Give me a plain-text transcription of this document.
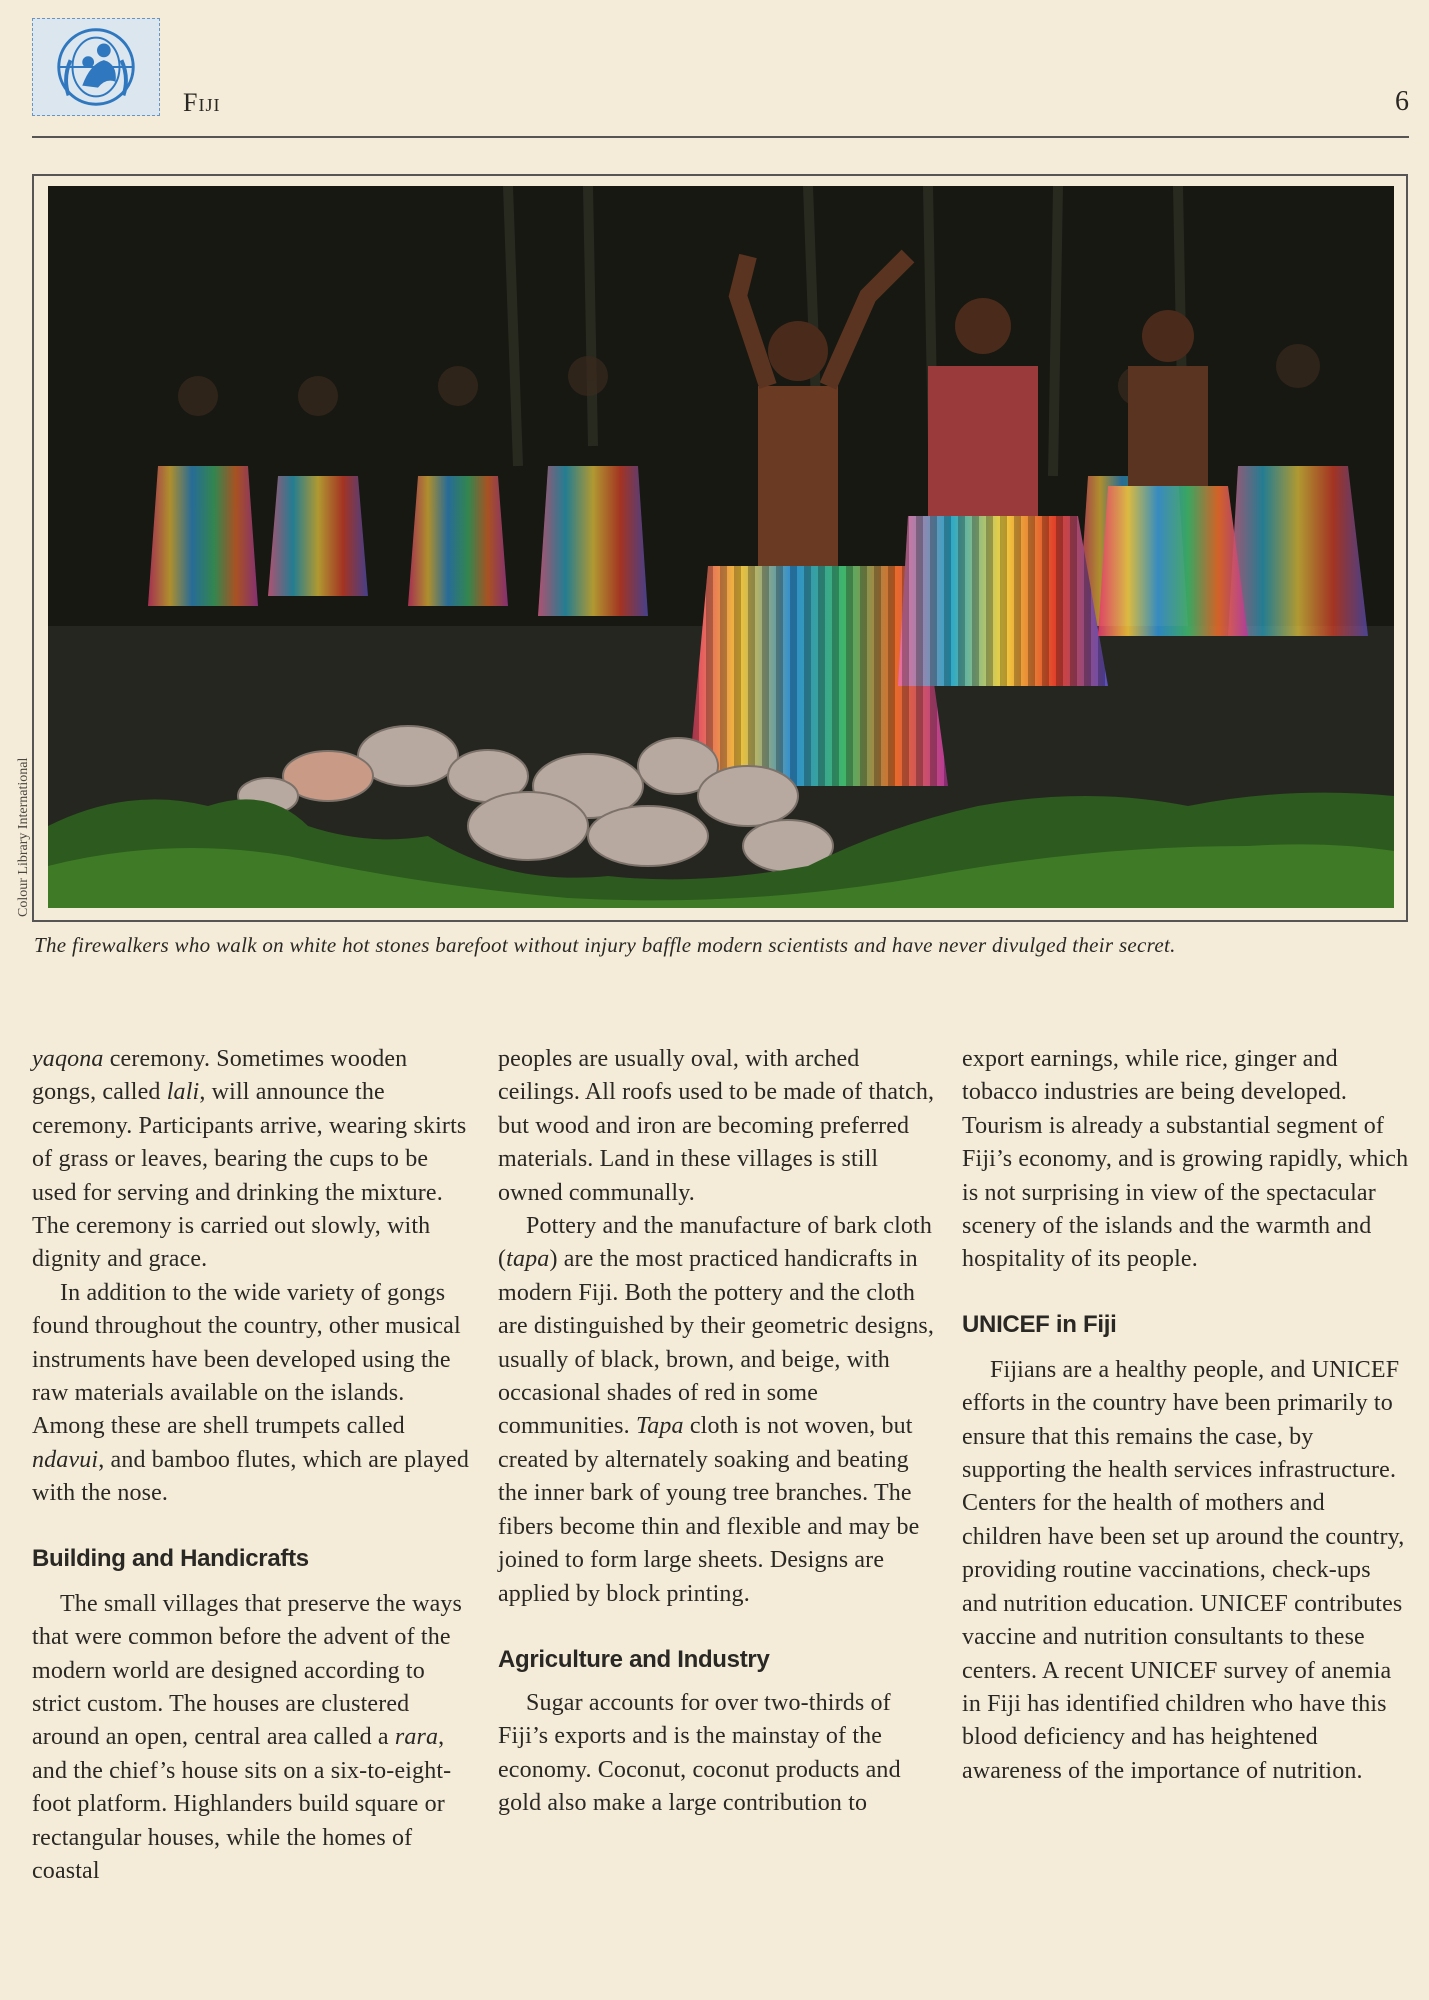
Fiji	6
Colour Library International
The firewalkers who walk on white hot stones barefoot without injury baffle modern scientists and have never divulged their secret.

yaqona ceremony. Sometimes wooden gongs, called lali, will announce the ceremony. Participants arrive, wearing skirts of grass or leaves, bearing the cups to be used for serving and drinking the mixture. The ceremony is carried out slowly, with dignity and grace.

In addition to the wide variety of gongs found throughout the country, other musical instruments have been developed using the raw materials available on the islands. Among these are shell trumpets called ndavui, and bamboo flutes, which are played with the nose.

Building and Handicrafts

The small villages that preserve the ways that were common before the advent of the modern world are designed according to strict custom. The houses are clustered around an open, central area called a rara, and the chief’s house sits on a six-to-eight-foot platform. Highlanders build square or rectangular houses, while the homes of coastal

peoples are usually oval, with arched ceilings. All roofs used to be made of thatch, but wood and iron are becoming preferred materials. Land in these villages is still owned communally.

Pottery and the manufacture of bark cloth (tapa) are the most practiced handicrafts in modern Fiji. Both the pottery and the cloth are distinguished by their geometric designs, usually of black, brown, and beige, with occasional shades of red in some communities. Tapa cloth is not woven, but created by alternately soaking and beating the inner bark of young tree branches. The fibers become thin and flexible and may be joined to form large sheets. Designs are applied by block printing.

Agriculture and Industry

Sugar accounts for over two-thirds of Fiji’s exports and is the mainstay of the economy. Coconut, coconut products and gold also make a large contribution to

export earnings, while rice, ginger and tobacco industries are being developed. Tourism is already a substantial segment of Fiji’s economy, and is growing rapidly, which is not surprising in view of the spectacular scenery of the islands and the warmth and hospitality of its people.

UNICEF in Fiji

Fijians are a healthy people, and UNICEF efforts in the country have been primarily to ensure that this remains the case, by supporting the health services infrastructure. Centers for the health of mothers and children have been set up around the country, providing routine vaccinations, check-ups and nutrition education. UNICEF contributes vaccine and nutrition consultants to these centers. A recent UNICEF survey of anemia in Fiji has identified children who have this blood deficiency and has heightened awareness of the importance of nutrition.
